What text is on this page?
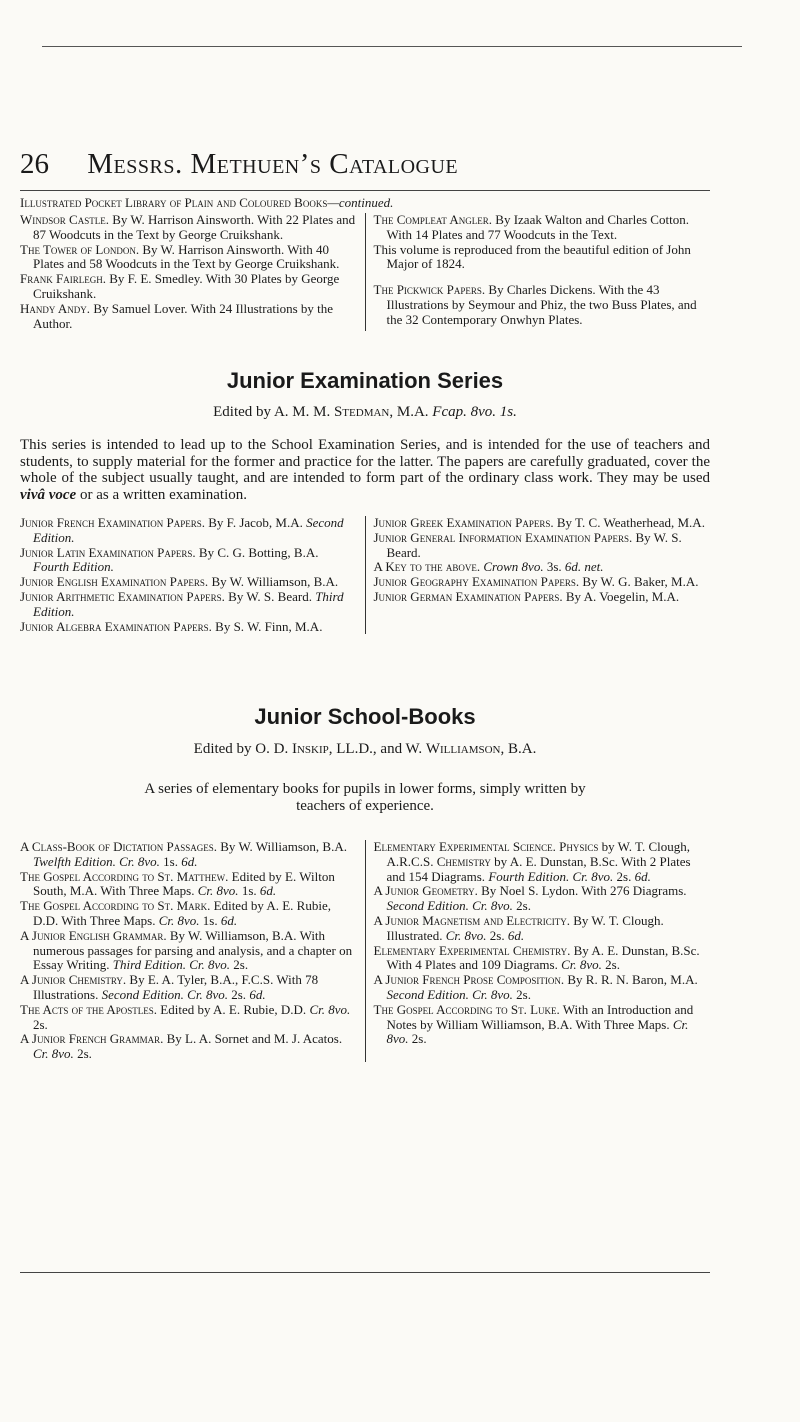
26 Messrs. Methuen’s Catalogue
Illustrated Pocket Library of Plain and Coloured Books—continued.

Windsor Castle. By W. Harrison Ainsworth. With 22 Plates and 87 Woodcuts in the Text by George Cruikshank.

The Tower of London. By W. Harrison Ainsworth. With 40 Plates and 58 Woodcuts in the Text by George Cruikshank.

Frank Fairlegh. By F. E. Smedley. With 30 Plates by George Cruikshank.

Handy Andy. By Samuel Lover. With 24 Illustrations by the Author.

The Compleat Angler. By Izaak Walton and Charles Cotton. With 14 Plates and 77 Woodcuts in the Text.

This volume is reproduced from the beautiful edition of John Major of 1824.

The Pickwick Papers. By Charles Dickens. With the 43 Illustrations by Seymour and Phiz, the two Buss Plates, and the 32 Contemporary Onwhyn Plates.

Junior Examination Series
Edited by A. M. M. Stedman, M.A. Fcap. 8vo. 1s.
This series is intended to lead up to the School Examination Series, and is intended for the use of teachers and students, to supply material for the former and practice for the latter. The papers are carefully graduated, cover the whole of the subject usually taught, and are intended to form part of the ordinary class work. They may be used vivâ voce or as a written examination.

Junior French Examination Papers. By F. Jacob, M.A. Second Edition.

Junior Latin Examination Papers. By C. G. Botting, B.A. Fourth Edition.

Junior English Examination Papers. By W. Williamson, B.A.

Junior Arithmetic Examination Papers. By W. S. Beard. Third Edition.

Junior Algebra Examination Papers. By S. W. Finn, M.A.

Junior Greek Examination Papers. By T. C. Weatherhead, M.A.

Junior General Information Examination Papers. By W. S. Beard.

A Key to the above. Crown 8vo. 3s. 6d. net.

Junior Geography Examination Papers. By W. G. Baker, M.A.

Junior German Examination Papers. By A. Voegelin, M.A.

Junior School-Books
Edited by O. D. Inskip, LL.D., and W. Williamson, B.A.
A series of elementary books for pupils in lower forms, simply written by teachers of experience.

A Class-Book of Dictation Passages. By W. Williamson, B.A. Twelfth Edition. Cr. 8vo. 1s. 6d.

The Gospel According to St. Matthew. Edited by E. Wilton South, M.A. With Three Maps. Cr. 8vo. 1s. 6d.

The Gospel According to St. Mark. Edited by A. E. Rubie, D.D. With Three Maps. Cr. 8vo. 1s. 6d.

A Junior English Grammar. By W. Williamson, B.A. With numerous passages for parsing and analysis, and a chapter on Essay Writing. Third Edition. Cr. 8vo. 2s.

A Junior Chemistry. By E. A. Tyler, B.A., F.C.S. With 78 Illustrations. Second Edition. Cr. 8vo. 2s. 6d.

The Acts of the Apostles. Edited by A. E. Rubie, D.D. Cr. 8vo. 2s.

A Junior French Grammar. By L. A. Sornet and M. J. Acatos. Cr. 8vo. 2s.

Elementary Experimental Science. Physics by W. T. Clough, A.R.C.S. Chemistry by A. E. Dunstan, B.Sc. With 2 Plates and 154 Diagrams. Fourth Edition. Cr. 8vo. 2s. 6d.

A Junior Geometry. By Noel S. Lydon. With 276 Diagrams. Second Edition. Cr. 8vo. 2s.

A Junior Magnetism and Electricity. By W. T. Clough. Illustrated. Cr. 8vo. 2s. 6d.

Elementary Experimental Chemistry. By A. E. Dunstan, B.Sc. With 4 Plates and 109 Diagrams. Cr. 8vo. 2s.

A Junior French Prose Composition. By R. R. N. Baron, M.A. Second Edition. Cr. 8vo. 2s.

The Gospel According to St. Luke. With an Introduction and Notes by William Williamson, B.A. With Three Maps. Cr. 8vo. 2s.
